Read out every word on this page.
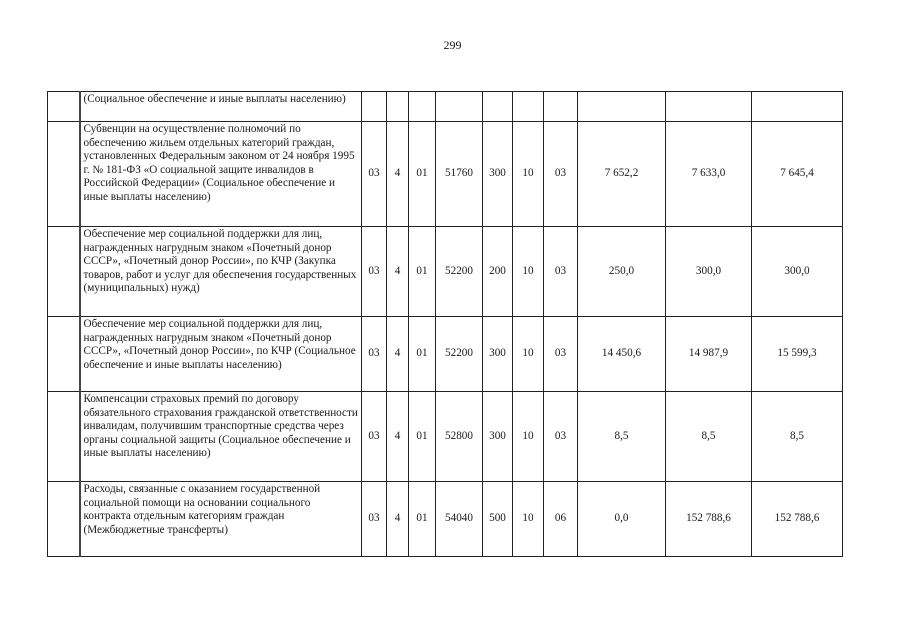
299
	(Социальное обеспечение и иные выплаты населению)										
	Субвенции на осуществление полномочий по обеспечению жильем отдельных категорий граждан, установленных Федеральным законом от 24 ноября 1995 г. № 181-ФЗ «О социальной защите инвалидов в Российской Федерации» (Социальное обеспечение и иные выплаты населению)	03	4	01	51760	300	10	03	7 652,2	7 633,0	7 645,4
	Обеспечение мер социальной поддержки для лиц, награжденных нагрудным знаком «Почетный донор СССР», «Почетный донор России», по КЧР (Закупка товаров, работ и услуг для обеспечения государственных (муниципальных) нужд)	03	4	01	52200	200	10	03	250,0	300,0	300,0
	Обеспечение мер социальной поддержки для лиц, награжденных нагрудным знаком «Почетный донор СССР», «Почетный донор России», по КЧР (Социальное обеспечение и иные выплаты населению)	03	4	01	52200	300	10	03	14 450,6	14 987,9	15 599,3
	Компенсации страховых премий по договору обязательного страхования гражданской ответственности инвалидам, получившим транспортные средства через органы социальной защиты (Социальное обеспечение и иные выплаты населению)	03	4	01	52800	300	10	03	8,5	8,5	8,5
	Расходы, связанные с оказанием государственной социальной помощи на основании социального контракта отдельным категориям граждан (Межбюджетные трансферты)	03	4	01	54040	500	10	06	0,0	152 788,6	152 788,6
